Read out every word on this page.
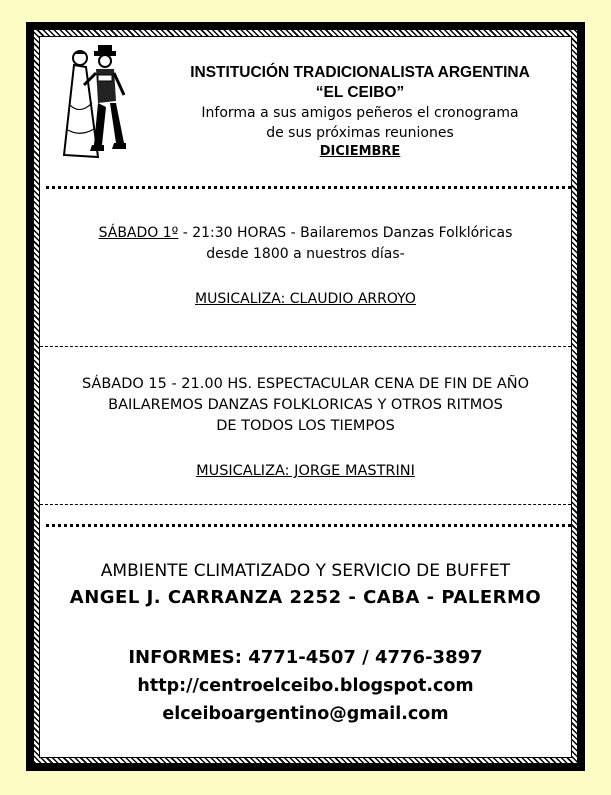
INSTITUCIÓN TRADICIONALISTA ARGENTINA
“EL CEIBO”
Informa a sus amigos peñeros el cronograma
de sus próximas reuniones
DICIEMBRE
SÁBADO 1º - 21:30 HORAS - Bailaremos Danzas Folklóricas
desde 1800 a nuestros días-
MUSICALIZA: CLAUDIO ARROYO
SÁBADO 15 - 21.00 HS. ESPECTACULAR CENA DE FIN DE AÑO
BAILAREMOS DANZAS FOLKLORICAS Y OTROS RITMOS
DE TODOS LOS TIEMPOS
MUSICALIZA: JORGE MASTRINI
AMBIENTE CLIMATIZADO Y SERVICIO DE BUFFET
ANGEL J. CARRANZA 2252 - CABA - PALERMO
INFORMES: 4771-4507 / 4776-3897
http://centroelceibo.blogspot.com
elceiboargentino@gmail.com
